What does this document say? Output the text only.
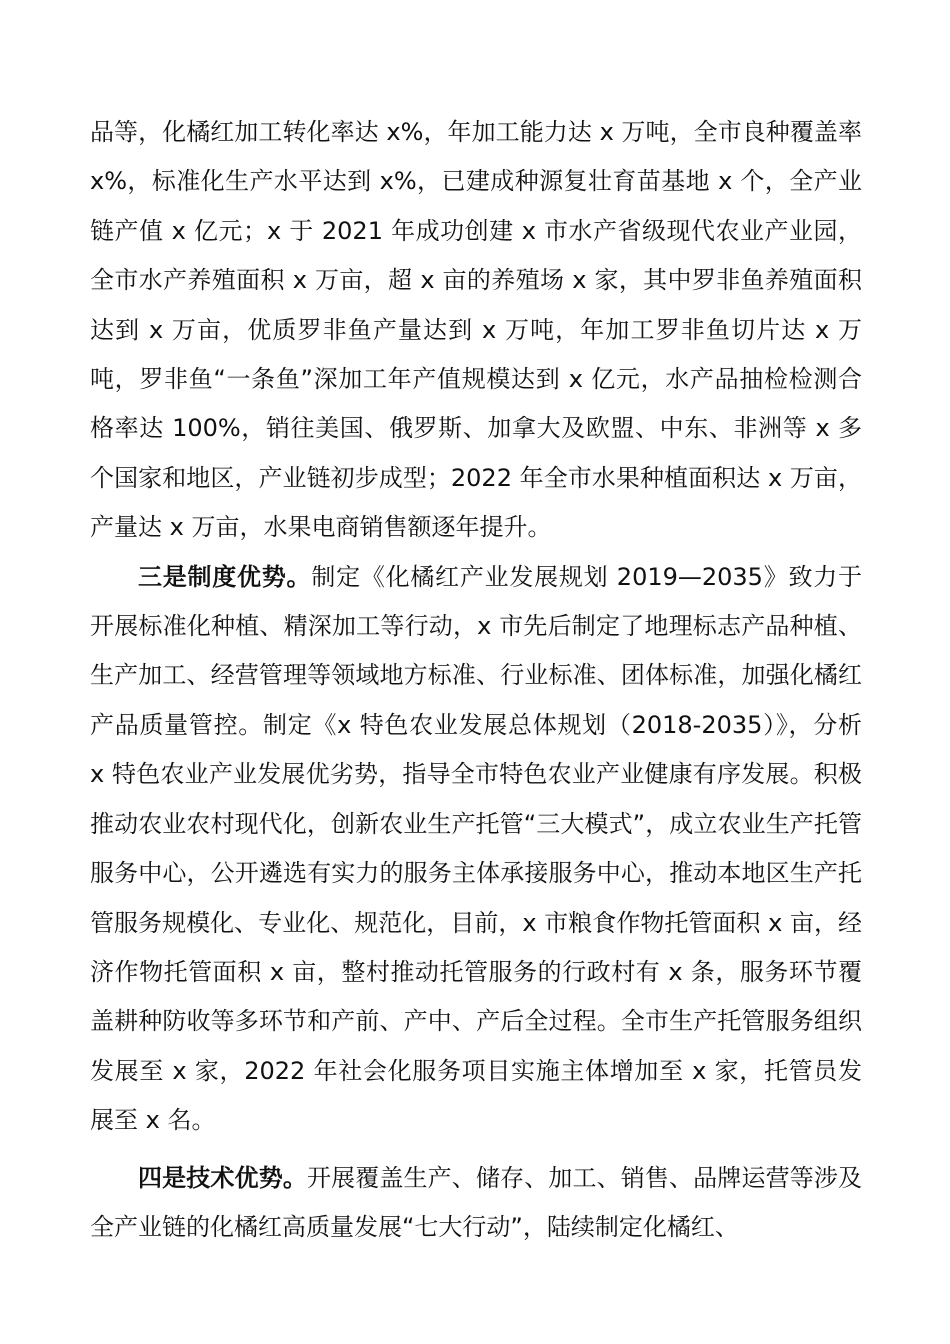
品等，化橘红加工转化率达 x%，年加工能力达 x 万吨，全市良种覆盖率 x%，标准化生产水平达到 x%，已建成种源复壮育苗基地 x 个，全产业链产值 x 亿元；x 于 2021 年成功创建 x 市水产省级现代农业产业园，全市水产养殖面积 x 万亩，超 x 亩的养殖场 x 家，其中罗非鱼养殖面积达到 x 万亩，优质罗非鱼产量达到 x 万吨，年加工罗非鱼切片达 x 万吨，罗非鱼“一条鱼”深加工年产值规模达到 x 亿元，水产品抽检检测合格率达 100%，销往美国、俄罗斯、加拿大及欧盟、中东、非洲等 x 多个国家和地区，产业链初步成型；2022 年全市水果种植面积达 x 万亩，产量达 x 万亩，水果电商销售额逐年提升。

三是制度优势。制定《化橘红产业发展规划 2019—2035》致力于开展标准化种植、精深加工等行动，x 市先后制定了地理标志产品种植、生产加工、经营管理等领域地方标准、行业标准、团体标准，加强化橘红产品质量管控。制定《x 特色农业发展总体规划（2018-2035）》，分析 x 特色农业产业发展优劣势，指导全市特色农业产业健康有序发展。积极推动农业农村现代化，创新农业生产托管“三大模式”，成立农业生产托管服务中心，公开遴选有实力的服务主体承接服务中心，推动本地区生产托管服务规模化、专业化、规范化，目前，x 市粮食作物托管面积 x 亩，经济作物托管面积 x 亩，整村推动托管服务的行政村有 x 条，服务环节覆盖耕种防收等多环节和产前、产中、产后全过程。全市生产托管服务组织发展至 x 家，2022 年社会化服务项目实施主体增加至 x 家，托管员发展至 x 名。

四是技术优势。开展覆盖生产、储存、加工、销售、品牌运营等涉及全产业链的化橘红高质量发展“七大行动”，陆续制定化橘红、
